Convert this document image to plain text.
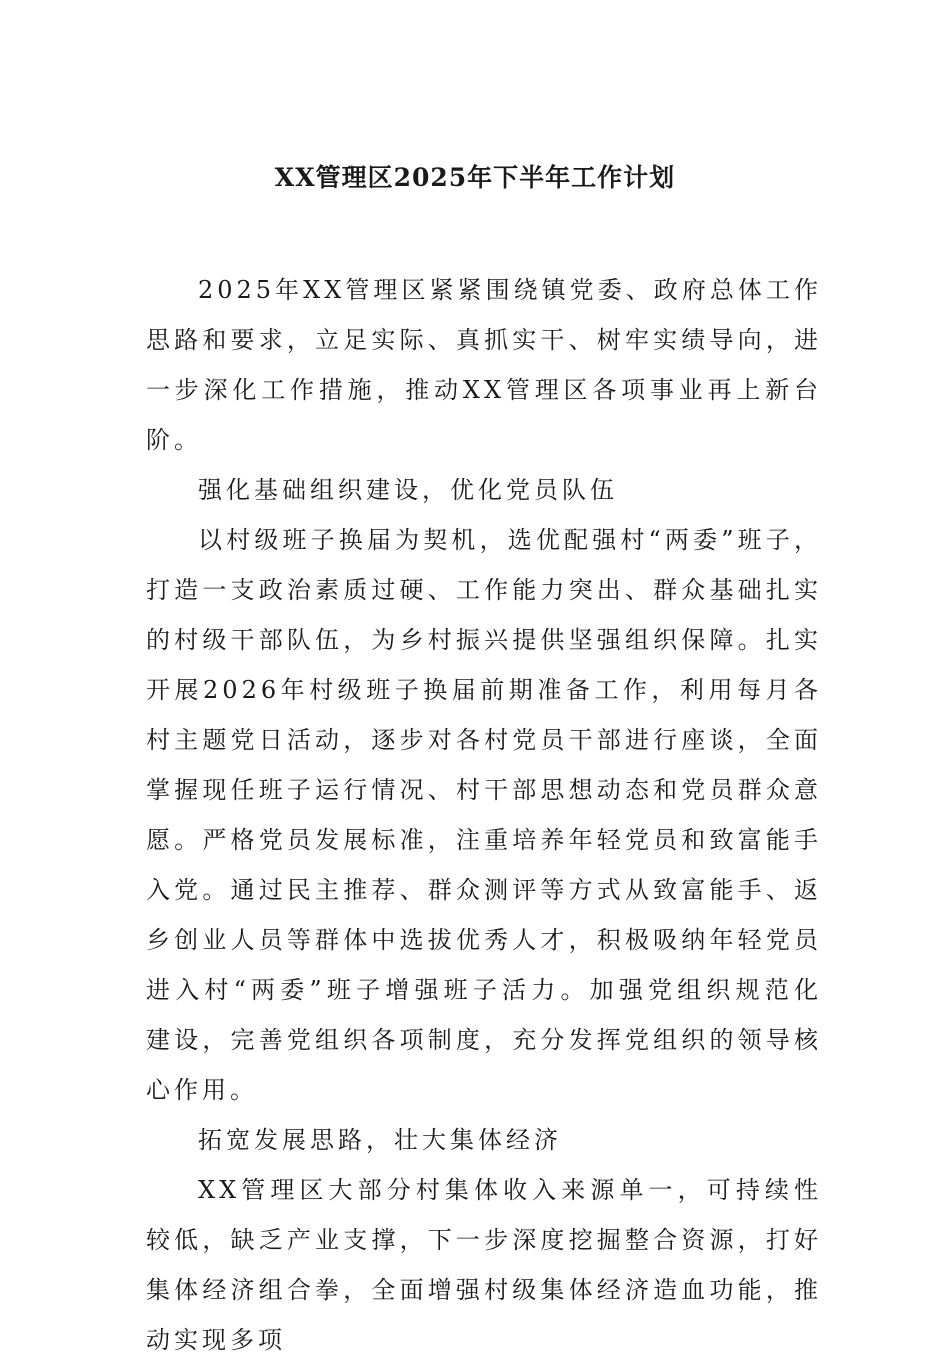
XX管理区2025年下半年工作计划

2025年XX管理区紧紧围绕镇党委、政府总体工作思路和要求，立足实际、真抓实干、树牢实绩导向，进一步深化工作措施，推动XX管理区各项事业再上新台阶。

强化基础组织建设，优化党员队伍

以村级班子换届为契机，选优配强村“两委”班子，打造一支政治素质过硬、工作能力突出、群众基础扎实的村级干部队伍，为乡村振兴提供坚强组织保障。扎实开展2026年村级班子换届前期准备工作，利用每月各村主题党日活动，逐步对各村党员干部进行座谈，全面掌握现任班子运行情况、村干部思想动态和党员群众意愿。严格党员发展标准，注重培养年轻党员和致富能手入党。通过民主推荐、群众测评等方式从致富能手、返乡创业人员等群体中选拔优秀人才，积极吸纳年轻党员进入村“两委”班子增强班子活力。加强党组织规范化建设，完善党组织各项制度，充分发挥党组织的领导核心作用。

拓宽发展思路，壮大集体经济

XX管理区大部分村集体收入来源单一，可持续性较低，缺乏产业支撑，下一步深度挖掘整合资源，打好集体经济组合拳，全面增强村级集体经济造血功能，推动实现多项
